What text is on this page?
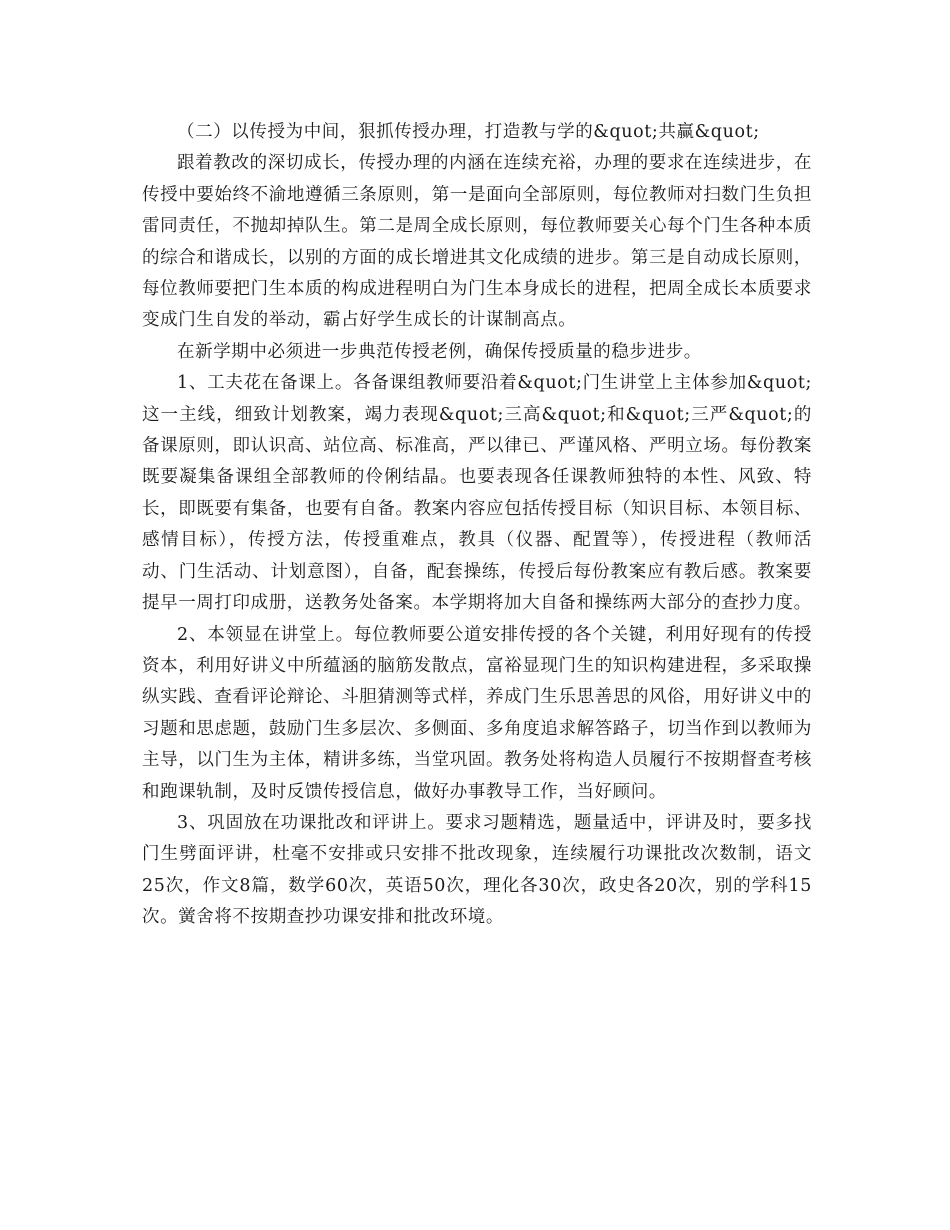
（二）以传授为中间，狠抓传授办理，打造教与学的&quot;共赢&quot;

跟着教改的深切成长，传授办理的内涵在连续充裕，办理的要求在连续进步，在传授中要始终不渝地遵循三条原则，第一是面向全部原则，每位教师对扫数门生负担雷同责任，不抛却掉队生。第二是周全成长原则，每位教师要关心每个门生各种本质的综合和谐成长，以别的方面的成长增进其文化成绩的进步。第三是自动成长原则，每位教师要把门生本质的构成进程明白为门生本身成长的进程，把周全成长本质要求变成门生自发的举动，霸占好学生成长的计谋制高点。

在新学期中必须进一步典范传授老例，确保传授质量的稳步进步。

1、工夫花在备课上。各备课组教师要沿着&quot;门生讲堂上主体参加&quot;这一主线，细致计划教案，竭力表现&quot;三高&quot;和&quot;三严&quot;的备课原则，即认识高、站位高、标准高，严以律已、严谨风格、严明立场。每份教案既要凝集备课组全部教师的伶俐结晶。也要表现各任课教师独特的本性、风致、特长，即既要有集备，也要有自备。教案内容应包括传授目标（知识目标、本领目标、感情目标），传授方法，传授重难点，教具（仪器、配置等），传授进程（教师活动、门生活动、计划意图），自备，配套操练，传授后每份教案应有教后感。教案要提早一周打印成册，送教务处备案。本学期将加大自备和操练两大部分的查抄力度。

2、本领显在讲堂上。每位教师要公道安排传授的各个关键，利用好现有的传授资本，利用好讲义中所蕴涵的脑筋发散点，富裕显现门生的知识构建进程，多采取操纵实践、查看评论辩论、斗胆猜测等式样，养成门生乐思善思的风俗，用好讲义中的习题和思虑题，鼓励门生多层次、多侧面、多角度追求解答路子，切当作到以教师为主导，以门生为主体，精讲多练，当堂巩固。教务处将构造人员履行不按期督查考核和跑课轨制，及时反馈传授信息，做好办事教导工作，当好顾问。

3、巩固放在功课批改和评讲上。要求习题精选，题量适中，评讲及时，要多找门生劈面评讲，杜毫不安排或只安排不批改现象，连续履行功课批改次数制，语文25次，作文8篇，数学60次，英语50次，理化各30次，政史各20次，别的学科15次。黉舍将不按期查抄功课安排和批改环境。
